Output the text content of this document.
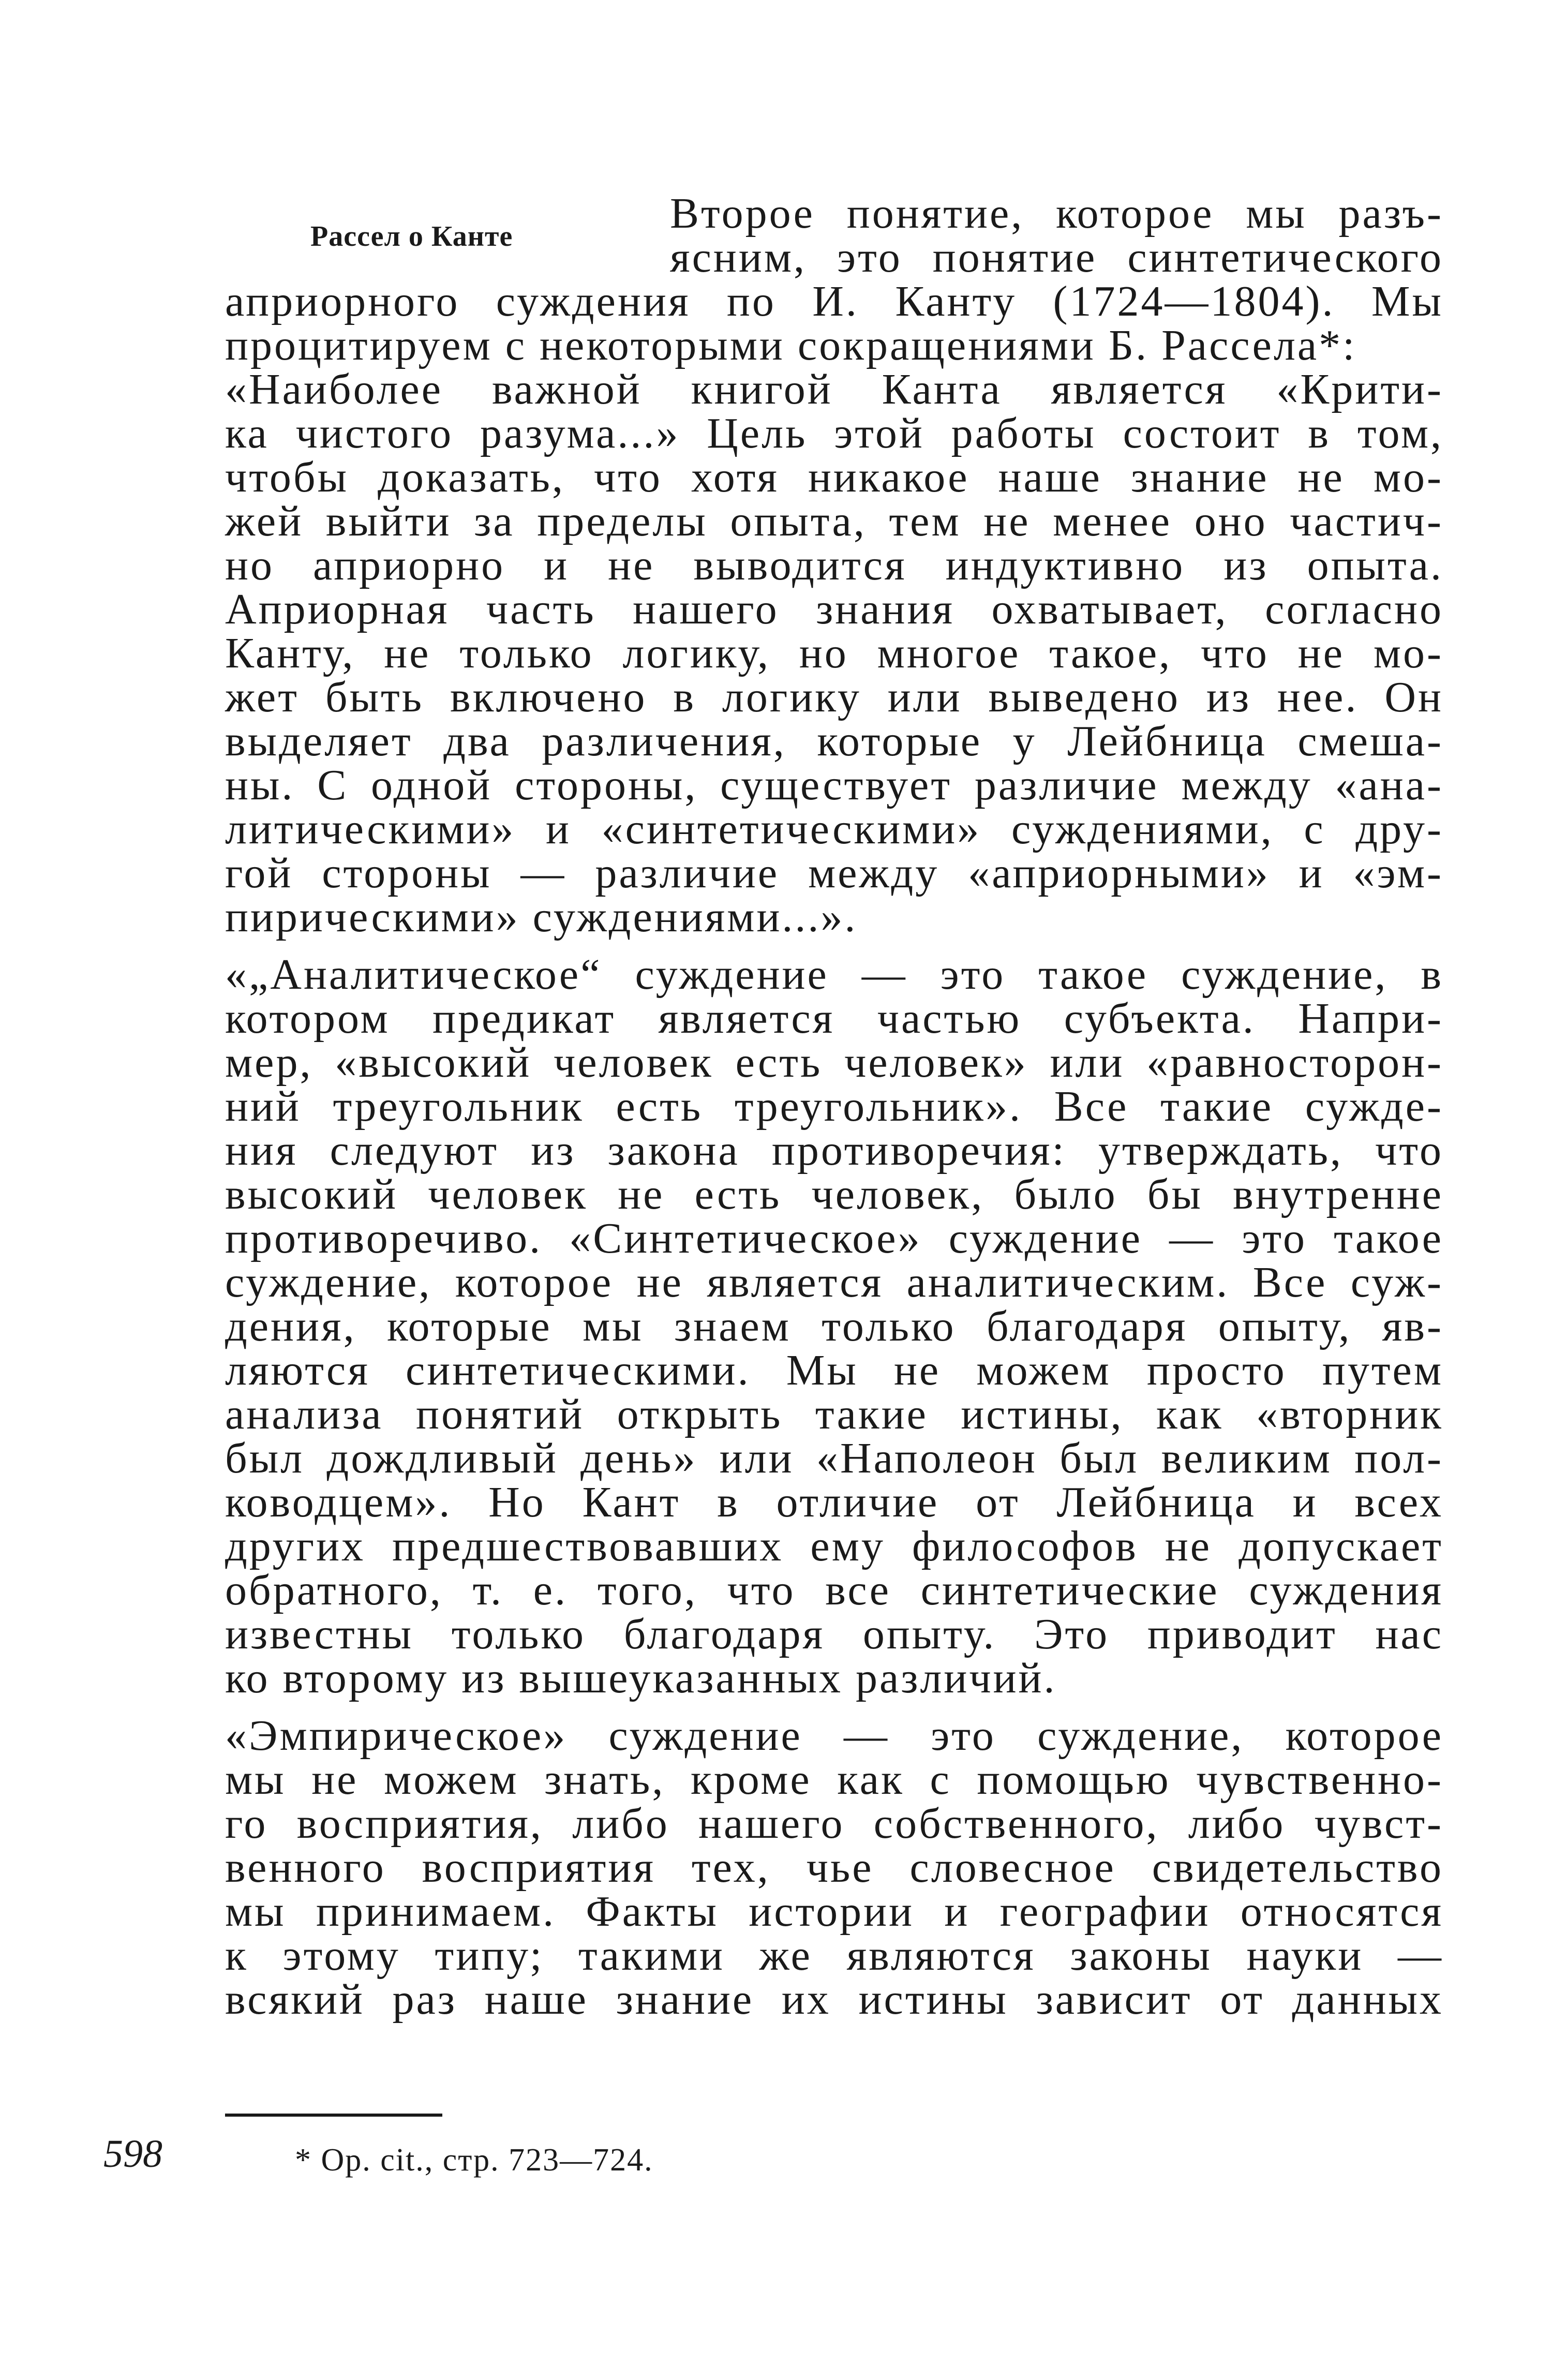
Рассел о Канте	Второе понятие, которое мы разъ-
ясним, это понятие синтетического
априорного суждения по И. Канту (1724—1804). Мы
процитируем с некоторыми сокращениями Б. Рассела*:
«Наиболее важной книгой Канта является «Крити-
ка чистого разума...» Цель этой работы состоит в том,
чтобы доказать, что хотя никакое наше знание не мо-
жей выйти за пределы опыта, тем не менее оно частич-
но априорно и не выводится индуктивно из опыта.
Априорная часть нашего знания охватывает, согласно
Канту, не только логику, но многое такое, что не мо-
жет быть включено в логику или выведено из нее. Он
выделяет два различения, которые у Лейбница смеша-
ны. С одной стороны, существует различие между «ана-
литическими» и «синтетическими» суждениями, с дру-
гой стороны — различие между «априорными» и «эм-
пирическими» суждениями...».
«„Аналитическое“ суждение — это такое суждение, в
котором предикат является частью субъекта. Напри-
мер, «высокий человек есть человек» или «равносторон-
ний треугольник есть треугольник». Все такие сужде-
ния следуют из закона противоречия: утверждать, что
высокий человек не есть человек, было бы внутренне
противоречиво. «Синтетическое» суждение — это такое
суждение, которое не является аналитическим. Все суж-
дения, которые мы знаем только благодаря опыту, яв-
ляются синтетическими. Мы не можем просто путем
анализа понятий открыть такие истины, как «вторник
был дождливый день» или «Наполеон был великим пол-
ководцем». Но Кант в отличие от Лейбница и всех
других предшествовавших ему философов не допускает
обратного, т. е. того, что все синтетические суждения
известны только благодаря опыту. Это приводит нас
ко второму из вышеуказанных различий.
«Эмпирическое» суждение — это суждение, которое
мы не можем знать, кроме как с помощью чувственно-
го восприятия, либо нашего собственного, либо чувст-
венного восприятия тех, чье словесное свидетельство
мы принимаем. Факты истории и географии относятся
к этому типу; такими же являются законы науки —
всякий раз наше знание их истины зависит от данных
598	* Op. cit., стр. 723—724.
